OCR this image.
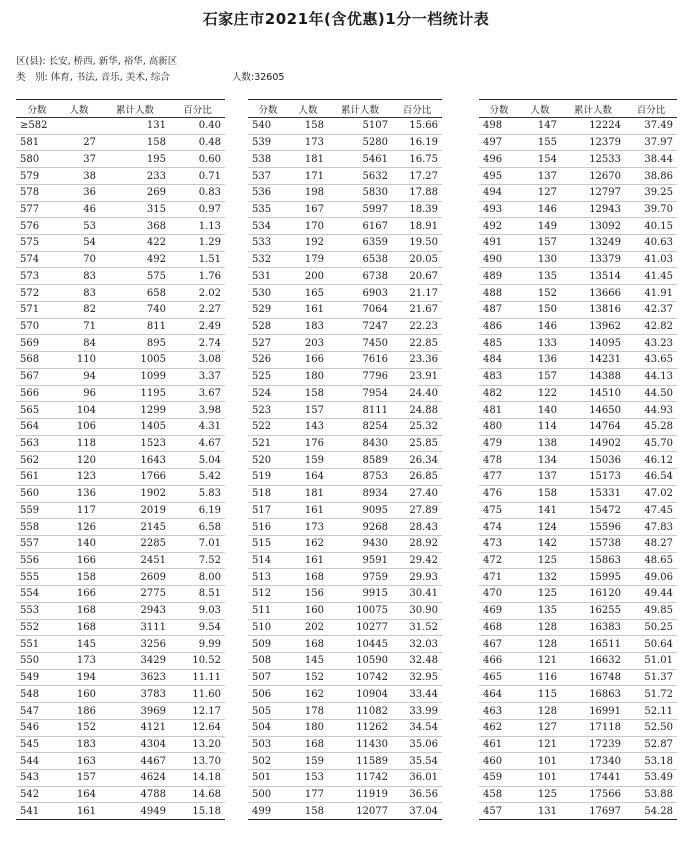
石家庄市2021年(含优惠)1分一档统计表
区(县): 长安, 桥西, 新华, 裕华, 高新区
类　别: 体育, 书法, 音乐, 美术, 综合	人数:32605
分数	人数	累计人数	百分比
≥582		131	0.40
581	27	158	0.48
580	37	195	0.60
579	38	233	0.71
578	36	269	0.83
577	46	315	0.97
576	53	368	1.13
575	54	422	1.29
574	70	492	1.51
573	83	575	1.76
572	83	658	2.02
571	82	740	2.27
570	71	811	2.49
569	84	895	2.74
568	110	1005	3.08
567	94	1099	3.37
566	96	1195	3.67
565	104	1299	3.98
564	106	1405	4.31
563	118	1523	4.67
562	120	1643	5.04
561	123	1766	5.42
560	136	1902	5.83
559	117	2019	6.19
558	126	2145	6.58
557	140	2285	7.01
556	166	2451	7.52
555	158	2609	8.00
554	166	2775	8.51
553	168	2943	9.03
552	168	3111	9.54
551	145	3256	9.99
550	173	3429	10.52
549	194	3623	11.11
548	160	3783	11.60
547	186	3969	12.17
546	152	4121	12.64
545	183	4304	13.20
544	163	4467	13.70
543	157	4624	14.18
542	164	4788	14.68
541	161	4949	15.18
分数	人数	累计人数	百分比
540	158	5107	15.66
539	173	5280	16.19
538	181	5461	16.75
537	171	5632	17.27
536	198	5830	17.88
535	167	5997	18.39
534	170	6167	18.91
533	192	6359	19.50
532	179	6538	20.05
531	200	6738	20.67
530	165	6903	21.17
529	161	7064	21.67
528	183	7247	22.23
527	203	7450	22.85
526	166	7616	23.36
525	180	7796	23.91
524	158	7954	24.40
523	157	8111	24.88
522	143	8254	25.32
521	176	8430	25.85
520	159	8589	26.34
519	164	8753	26.85
518	181	8934	27.40
517	161	9095	27.89
516	173	9268	28.43
515	162	9430	28.92
514	161	9591	29.42
513	168	9759	29.93
512	156	9915	30.41
511	160	10075	30.90
510	202	10277	31.52
509	168	10445	32.03
508	145	10590	32.48
507	152	10742	32.95
506	162	10904	33.44
505	178	11082	33.99
504	180	11262	34.54
503	168	11430	35.06
502	159	11589	35.54
501	153	11742	36.01
500	177	11919	36.56
499	158	12077	37.04
分数	人数	累计人数	百分比
498	147	12224	37.49
497	155	12379	37.97
496	154	12533	38.44
495	137	12670	38.86
494	127	12797	39.25
493	146	12943	39.70
492	149	13092	40.15
491	157	13249	40.63
490	130	13379	41.03
489	135	13514	41.45
488	152	13666	41.91
487	150	13816	42.37
486	146	13962	42.82
485	133	14095	43.23
484	136	14231	43.65
483	157	14388	44.13
482	122	14510	44.50
481	140	14650	44.93
480	114	14764	45.28
479	138	14902	45.70
478	134	15036	46.12
477	137	15173	46.54
476	158	15331	47.02
475	141	15472	47.45
474	124	15596	47.83
473	142	15738	48.27
472	125	15863	48.65
471	132	15995	49.06
470	125	16120	49.44
469	135	16255	49.85
468	128	16383	50.25
467	128	16511	50.64
466	121	16632	51.01
465	116	16748	51.37
464	115	16863	51.72
463	128	16991	52.11
462	127	17118	52.50
461	121	17239	52.87
460	101	17340	53.18
459	101	17441	53.49
458	125	17566	53.88
457	131	17697	54.28
